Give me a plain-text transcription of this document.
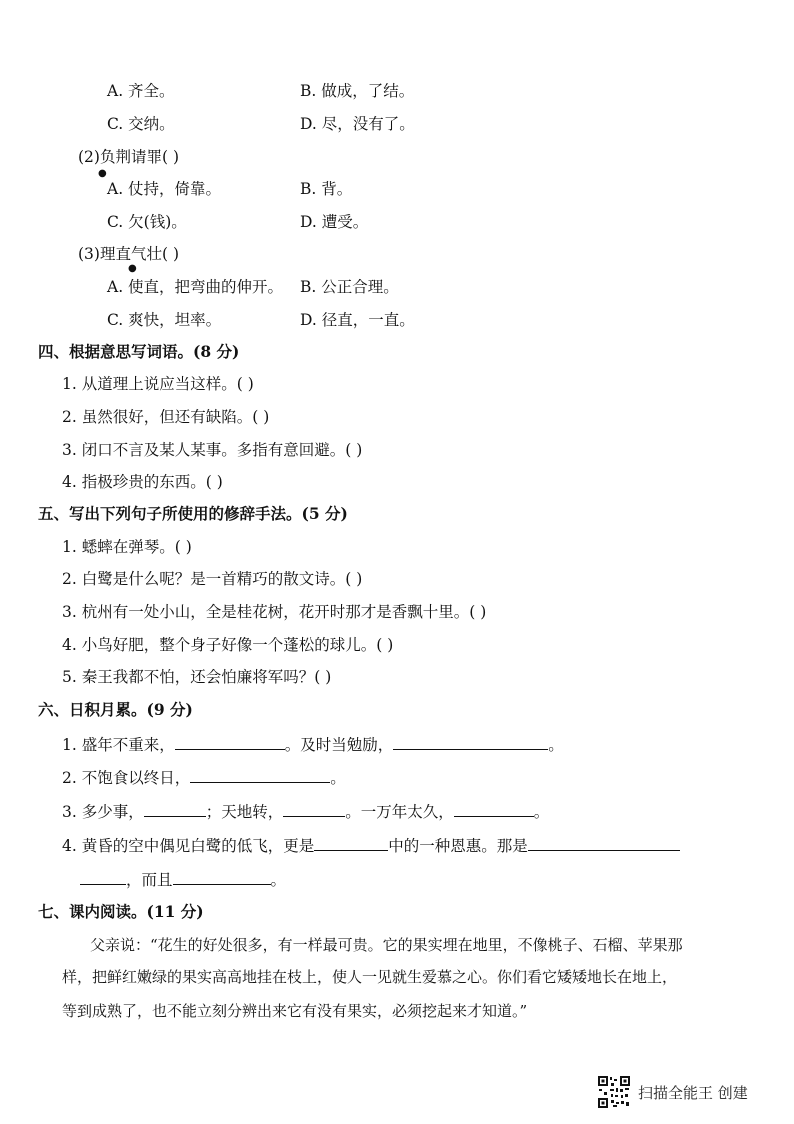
A. 齐全。	B. 做成，了结。
C. 交纳。	D. 尽，没有了。
(2)负荆请罪( )
●
A. 仗持，倚靠。	B. 背。
C. 欠(钱)。	D. 遭受。
(3)理直气壮( )
●
A. 使直，把弯曲的伸开。 B. 公正合理。
C. 爽快，坦率。	D. 径直，一直。
四、根据意思写词语。(8 分)
1. 从道理上说应当这样。( )
2. 虽然很好，但还有缺陷。( )
3. 闭口不言及某人某事。多指有意回避。( )
4. 指极珍贵的东西。( )
五、写出下列句子所使用的修辞手法。(5 分)
1. 蟋蟀在弹琴。( )
2. 白鹭是什么呢？是一首精巧的散文诗。( )
3. 杭州有一处小山，全是桂花树，花开时那才是香飘十里。( )
4. 小鸟好肥，整个身子好像一个蓬松的球儿。( )
5. 秦王我都不怕，还会怕廉将军吗？( )
六、日积月累。(9 分)
1. 盛年不重来，	。及时当勉励，	。
2. 不饱食以终日，	。
3. 多少事，	；天地转，	。一万年太久，	。
4. 黄昏的空中偶见白鹭的低飞，更是	中的一种恩惠。那是
，而且	。
七、课内阅读。(11 分)
父亲说：“花生的好处很多，有一样最可贵。它的果实埋在地里，不像桃子、石榴、苹果那
样，把鲜红嫩绿的果实高高地挂在枝上，使人一见就生爱慕之心。你们看它矮矮地长在地上，
等到成熟了，也不能立刻分辨出来它有没有果实，必须挖起来才知道。”
扫描全能王 创建
